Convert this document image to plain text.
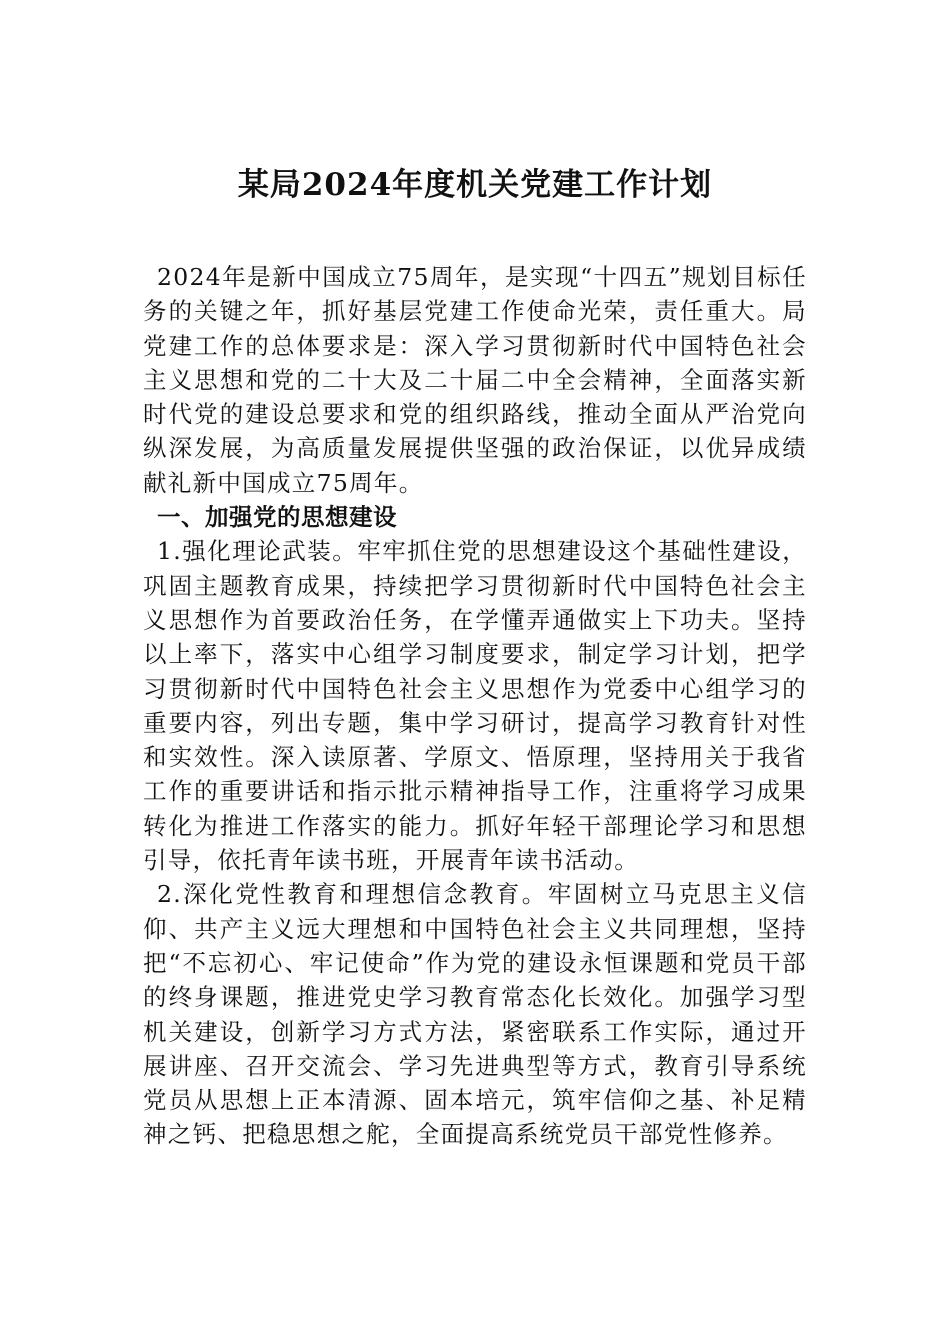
某局2024年度机关党建工作计划

2024年是新中国成立75周年，是实现“十四五”规划目标任务的关键之年，抓好基层党建工作使命光荣，责任重大。局党建工作的总体要求是：深入学习贯彻新时代中国特色社会主义思想和党的二十大及二十届二中全会精神，全面落实新时代党的建设总要求和党的组织路线，推动全面从严治党向纵深发展，为高质量发展提供坚强的政治保证，以优异成绩献礼新中国成立75周年。

一、加强党的思想建设

1.强化理论武装。牢牢抓住党的思想建设这个基础性建设，巩固主题教育成果，持续把学习贯彻新时代中国特色社会主义思想作为首要政治任务，在学懂弄通做实上下功夫。坚持以上率下，落实中心组学习制度要求，制定学习计划，把学习贯彻新时代中国特色社会主义思想作为党委中心组学习的重要内容，列出专题，集中学习研讨，提高学习教育针对性和实效性。深入读原著、学原文、悟原理，坚持用关于我省工作的重要讲话和指示批示精神指导工作，注重将学习成果转化为推进工作落实的能力。抓好年轻干部理论学习和思想引导，依托青年读书班，开展青年读书活动。

2.深化党性教育和理想信念教育。牢固树立马克思主义信仰、共产主义远大理想和中国特色社会主义共同理想，坚持把“不忘初心、牢记使命”作为党的建设永恒课题和党员干部的终身课题，推进党史学习教育常态化长效化。加强学习型机关建设，创新学习方式方法，紧密联系工作实际，通过开展讲座、召开交流会、学习先进典型等方式，教育引导系统党员从思想上正本清源、固本培元，筑牢信仰之基、补足精神之钙、把稳思想之舵，全面提高系统党员干部党性修养。
